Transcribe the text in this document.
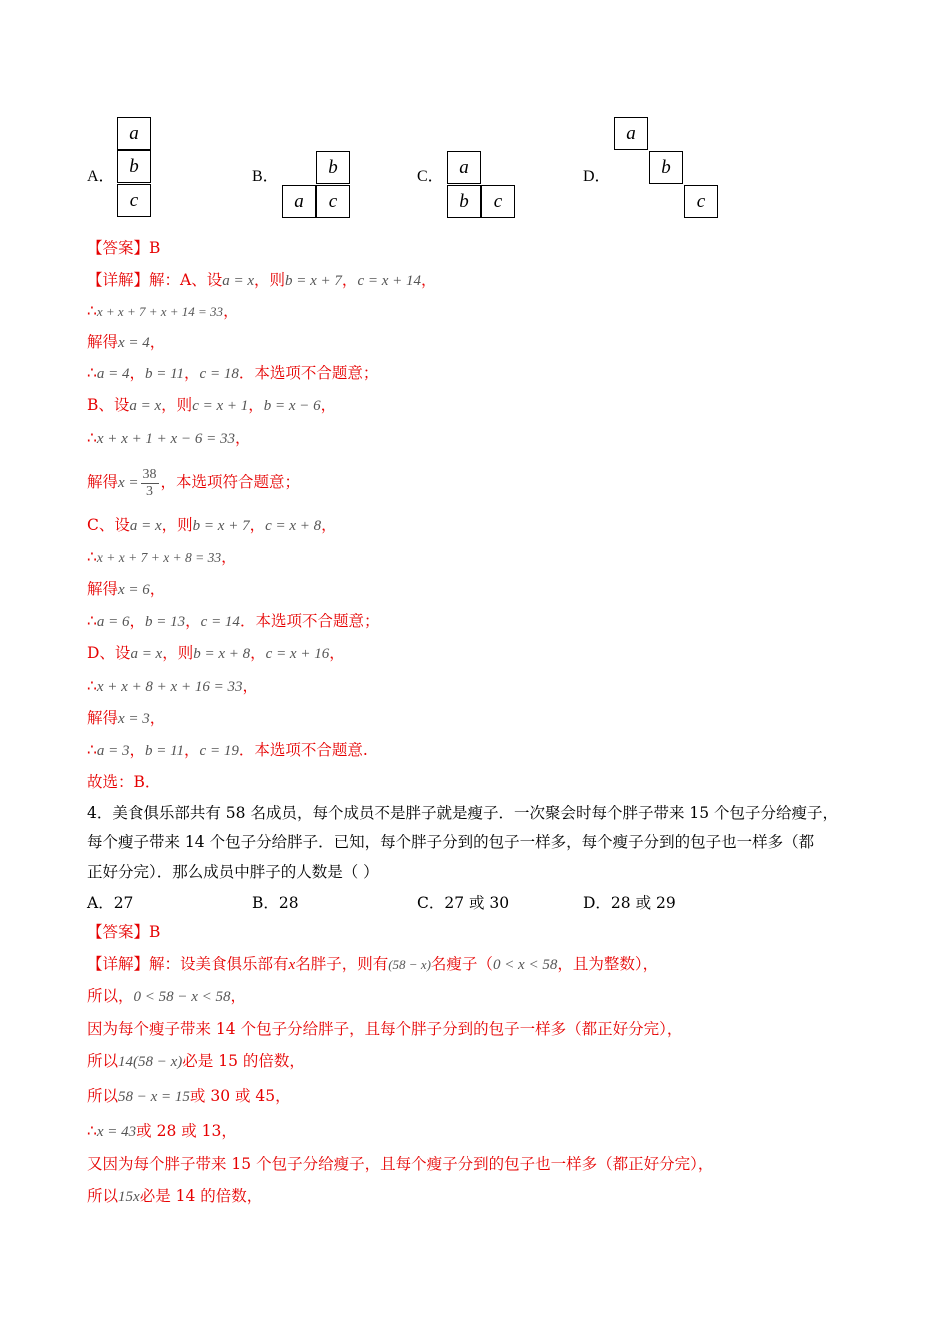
A．
a
b
c
B．	b
a	c
C． a
b	c
D．
a
b
c
【答案】B
【详解】解：A、设a = x，则b = x + 7，c = x + 14，
∴x + x + 7 + x + 14 = 33，
解得x = 4，
∴a = 4，b = 11，c = 18．本选项不合题意；
B、设a = x，则c = x + 1，b = x − 6，
∴x + x + 1 + x − 6 = 33，
解得$x = \frac{38}{3}$ ，本选项符合题意；
C、设a = x，则b = x + 7，c = x + 8，
∴x + x + 7 + x + 8 = 33，
解得x = 6，
∴a = 6，b = 13，c = 14．本选项不合题意；
D、设a = x，则b = x + 8，c = x + 16，
∴x + x + 8 + x + 16 = 33，
解得x = 3，
∴a = 3，b = 11，c = 19．本选项不合题意.
故选：B．
4．美食俱乐部共有 58 名成员，每个成员不是胖子就是瘦子．一次聚会时每个胖子带来 15 个包子分给瘦子，
每个瘦子带来 14 个包子分给胖子．已知，每个胖子分到的包子一样多，每个瘦子分到的包子也一样多（都
正好分完）．那么成员中胖子的人数是（ ）
A．27	B．28	C．27 或 30	D．28 或 29
【答案】B
【详解】解：设美食俱乐部有x名胖子，则有(58 − x)名瘦子（0 < x < 58，且为整数），
所以，0 < 58 − x < 58，
因为每个瘦子带来 14 个包子分给胖子，且每个胖子分到的包子一样多（都正好分完），
所以14(58 − x)必是 15 的倍数，
所以58 − x = 15或 30 或 45，
∴x = 43或 28 或 13，
又因为每个胖子带来 15 个包子分给瘦子，且每个瘦子分到的包子也一样多（都正好分完），
所以15x必是 14 的倍数，
